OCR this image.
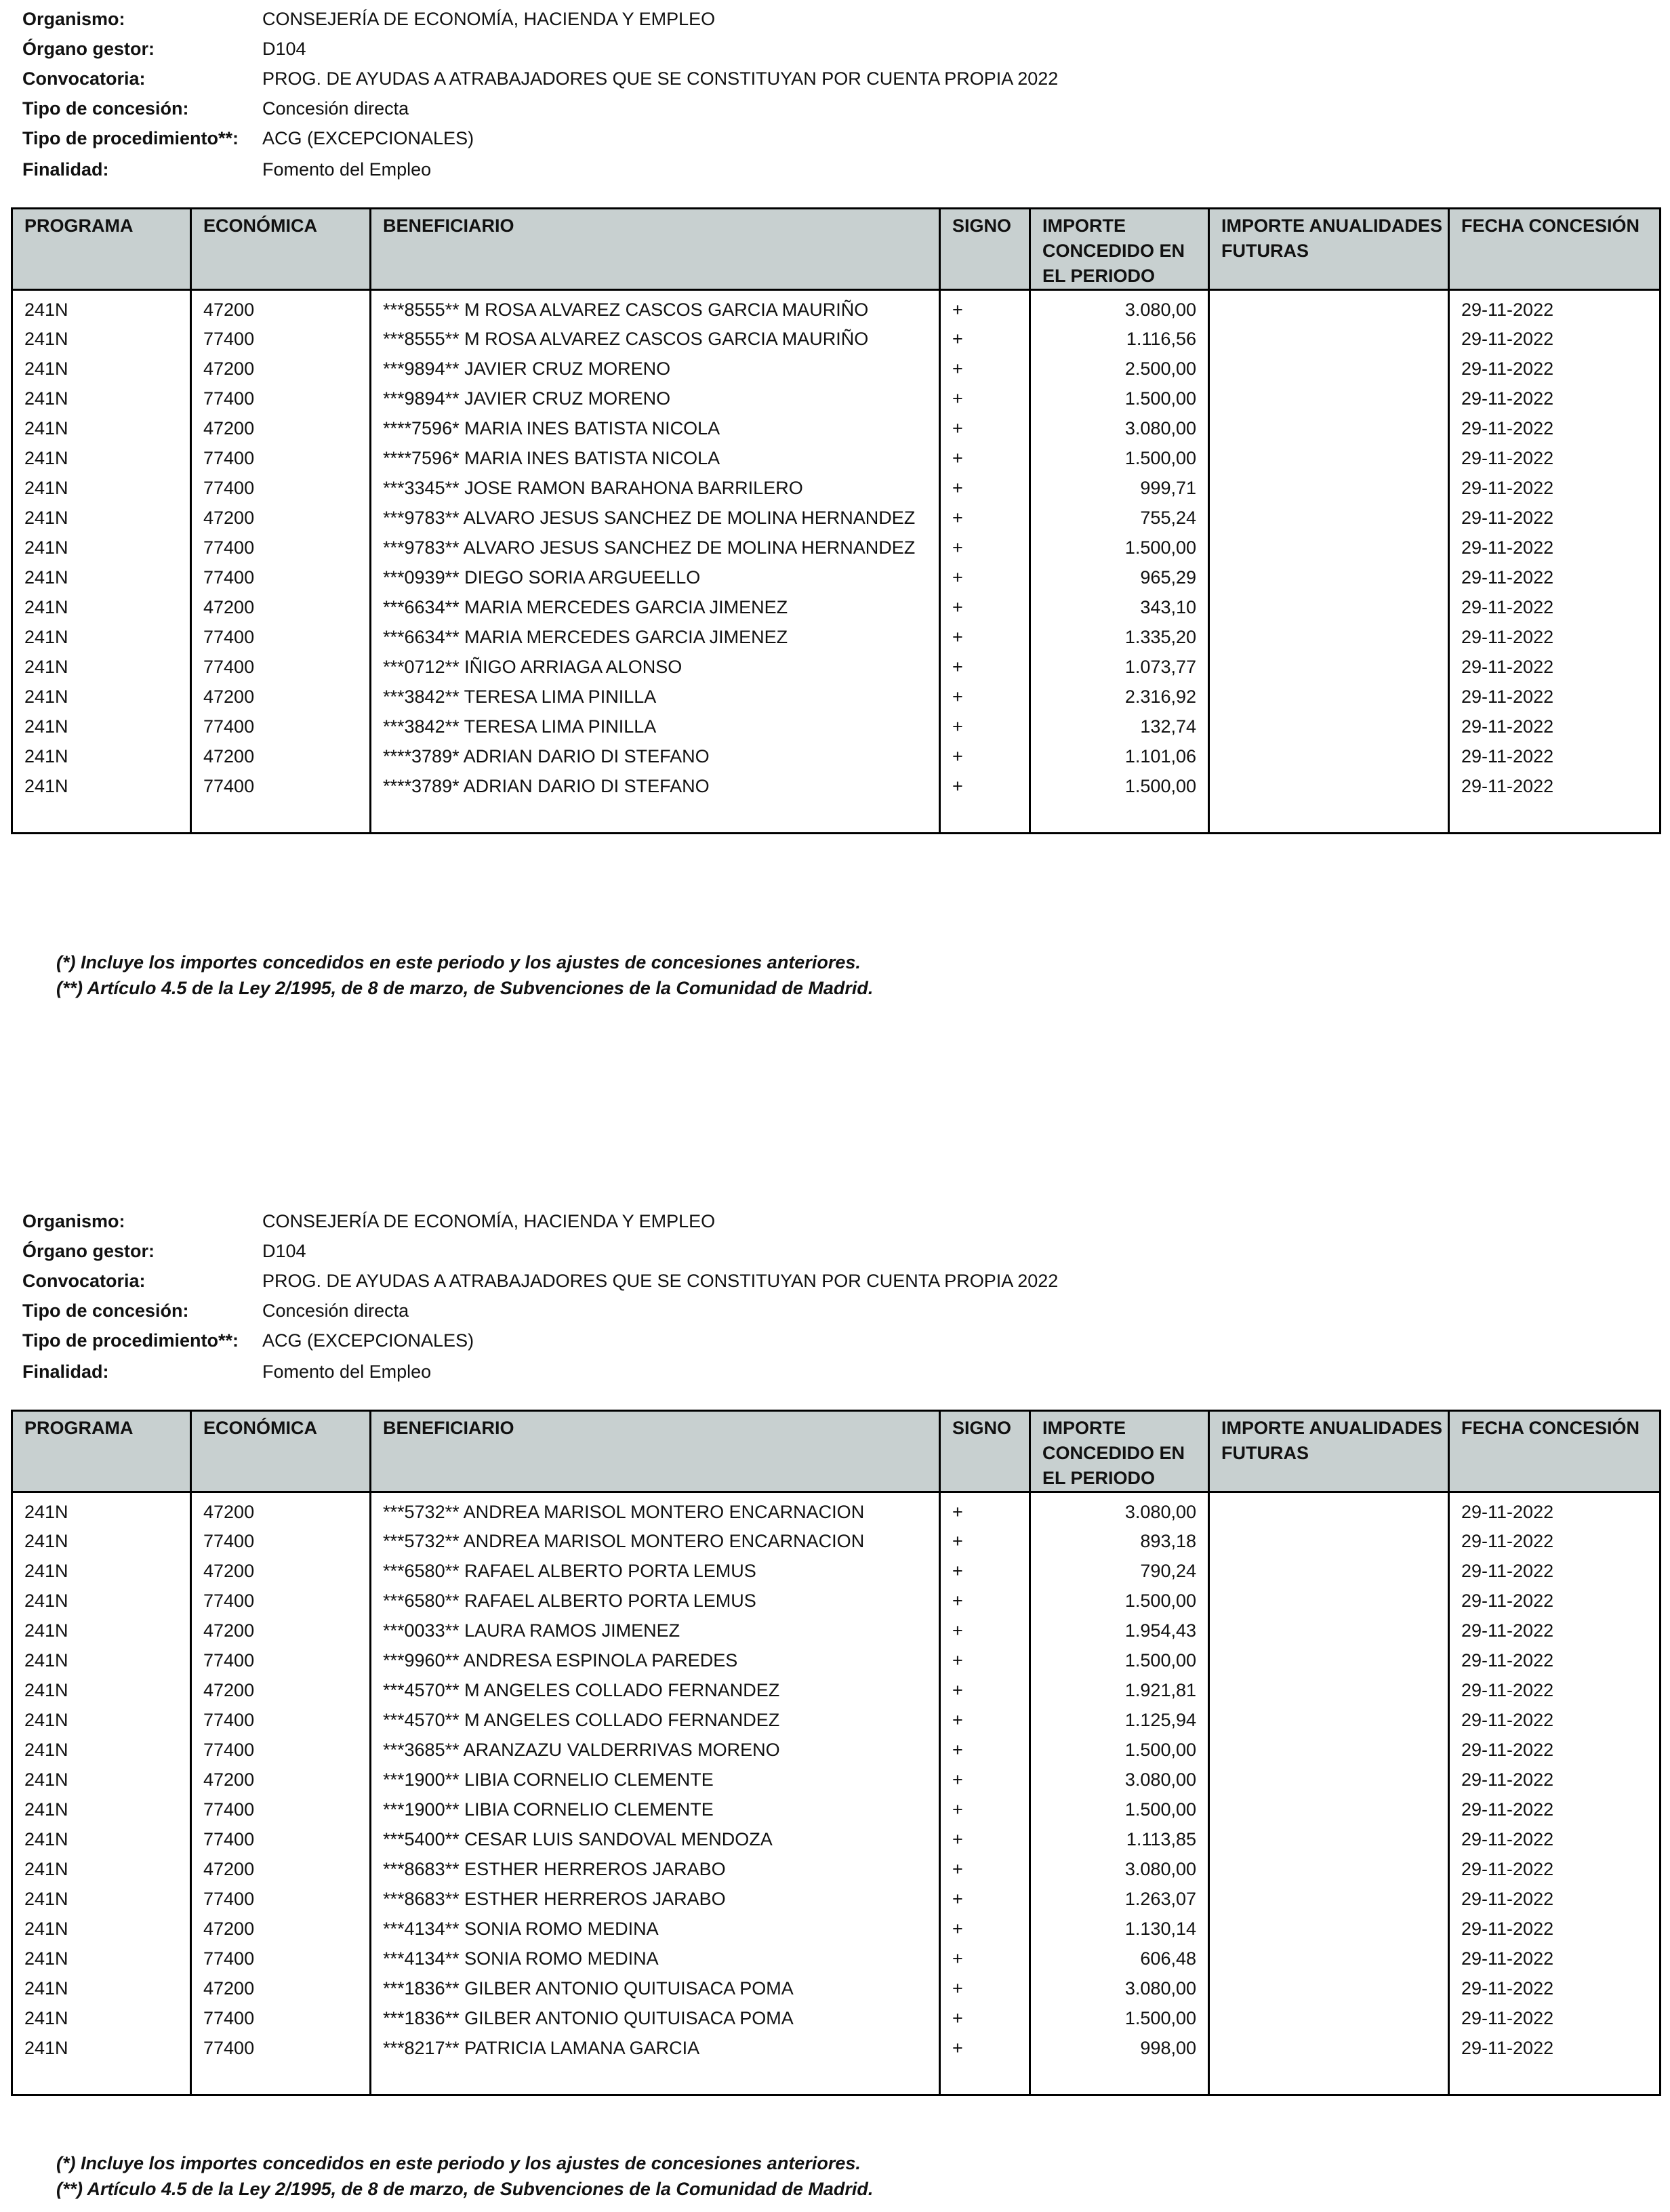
Organismo:	CONSEJERÍA DE ECONOMÍA, HACIENDA Y EMPLEO
Órgano gestor:	D104
Convocatoria:	PROG. DE AYUDAS A ATRABAJADORES QUE SE CONSTITUYAN POR CUENTA PROPIA 2022
Tipo de concesión:	Concesión directa
Tipo de procedimiento**: ACG (EXCEPCIONALES)
Finalidad:	Fomento del Empleo
PROGRAMA	ECONÓMICA	BENEFICIARIO	SIGNO	IMPORTE CONCEDIDO EN EL PERIODO	IMPORTE ANUALIDADES FUTURAS	FECHA CONCESIÓN
241N	47200	***8555** M ROSA ALVAREZ CASCOS GARCIA MAURIÑO	+	3.080,00		29-11-2022
241N	77400	***8555** M ROSA ALVAREZ CASCOS GARCIA MAURIÑO	+	1.116,56		29-11-2022
241N	47200	***9894** JAVIER CRUZ MORENO	+	2.500,00		29-11-2022
241N	77400	***9894** JAVIER CRUZ MORENO	+	1.500,00		29-11-2022
241N	47200	****7596* MARIA INES BATISTA NICOLA	+	3.080,00		29-11-2022
241N	77400	****7596* MARIA INES BATISTA NICOLA	+	1.500,00		29-11-2022
241N	77400	***3345** JOSE RAMON BARAHONA BARRILERO	+	999,71		29-11-2022
241N	47200	***9783** ALVARO JESUS SANCHEZ DE MOLINA HERNANDEZ	+	755,24		29-11-2022
241N	77400	***9783** ALVARO JESUS SANCHEZ DE MOLINA HERNANDEZ	+	1.500,00		29-11-2022
241N	77400	***0939** DIEGO SORIA ARGUEELLO	+	965,29		29-11-2022
241N	47200	***6634** MARIA MERCEDES GARCIA JIMENEZ	+	343,10		29-11-2022
241N	77400	***6634** MARIA MERCEDES GARCIA JIMENEZ	+	1.335,20		29-11-2022
241N	77400	***0712** IÑIGO ARRIAGA ALONSO	+	1.073,77		29-11-2022
241N	47200	***3842** TERESA LIMA PINILLA	+	2.316,92		29-11-2022
241N	77400	***3842** TERESA LIMA PINILLA	+	132,74		29-11-2022
241N	47200	****3789* ADRIAN DARIO DI STEFANO	+	1.101,06		29-11-2022
241N	77400	****3789* ADRIAN DARIO DI STEFANO	+	1.500,00		29-11-2022

(*) Incluye los importes concedidos en este periodo y los ajustes de concesiones anteriores.
(**) Artículo 4.5 de la Ley 2/1995, de 8 de marzo, de Subvenciones de la Comunidad de Madrid.
Organismo:	CONSEJERÍA DE ECONOMÍA, HACIENDA Y EMPLEO
Órgano gestor:	D104
Convocatoria:	PROG. DE AYUDAS A ATRABAJADORES QUE SE CONSTITUYAN POR CUENTA PROPIA 2022
Tipo de concesión:	Concesión directa
Tipo de procedimiento**: ACG (EXCEPCIONALES)
Finalidad:	Fomento del Empleo
PROGRAMA	ECONÓMICA	BENEFICIARIO	SIGNO	IMPORTE CONCEDIDO EN EL PERIODO	IMPORTE ANUALIDADES FUTURAS	FECHA CONCESIÓN
241N	47200	***5732** ANDREA MARISOL MONTERO ENCARNACION	+	3.080,00		29-11-2022
241N	77400	***5732** ANDREA MARISOL MONTERO ENCARNACION	+	893,18		29-11-2022
241N	47200	***6580** RAFAEL ALBERTO PORTA LEMUS	+	790,24		29-11-2022
241N	77400	***6580** RAFAEL ALBERTO PORTA LEMUS	+	1.500,00		29-11-2022
241N	47200	***0033** LAURA RAMOS JIMENEZ	+	1.954,43		29-11-2022
241N	77400	***9960** ANDRESA ESPINOLA PAREDES	+	1.500,00		29-11-2022
241N	47200	***4570** M ANGELES COLLADO FERNANDEZ	+	1.921,81		29-11-2022
241N	77400	***4570** M ANGELES COLLADO FERNANDEZ	+	1.125,94		29-11-2022
241N	77400	***3685** ARANZAZU VALDERRIVAS MORENO	+	1.500,00		29-11-2022
241N	47200	***1900** LIBIA CORNELIO CLEMENTE	+	3.080,00		29-11-2022
241N	77400	***1900** LIBIA CORNELIO CLEMENTE	+	1.500,00		29-11-2022
241N	77400	***5400** CESAR LUIS SANDOVAL MENDOZA	+	1.113,85		29-11-2022
241N	47200	***8683** ESTHER HERREROS JARABO	+	3.080,00		29-11-2022
241N	77400	***8683** ESTHER HERREROS JARABO	+	1.263,07		29-11-2022
241N	47200	***4134** SONIA ROMO MEDINA	+	1.130,14		29-11-2022
241N	77400	***4134** SONIA ROMO MEDINA	+	606,48		29-11-2022
241N	47200	***1836** GILBER ANTONIO QUITUISACA POMA	+	3.080,00		29-11-2022
241N	77400	***1836** GILBER ANTONIO QUITUISACA POMA	+	1.500,00		29-11-2022
241N	77400	***8217** PATRICIA LAMANA GARCIA	+	998,00		29-11-2022

(*) Incluye los importes concedidos en este periodo y los ajustes de concesiones anteriores.
(**) Artículo 4.5 de la Ley 2/1995, de 8 de marzo, de Subvenciones de la Comunidad de Madrid.
